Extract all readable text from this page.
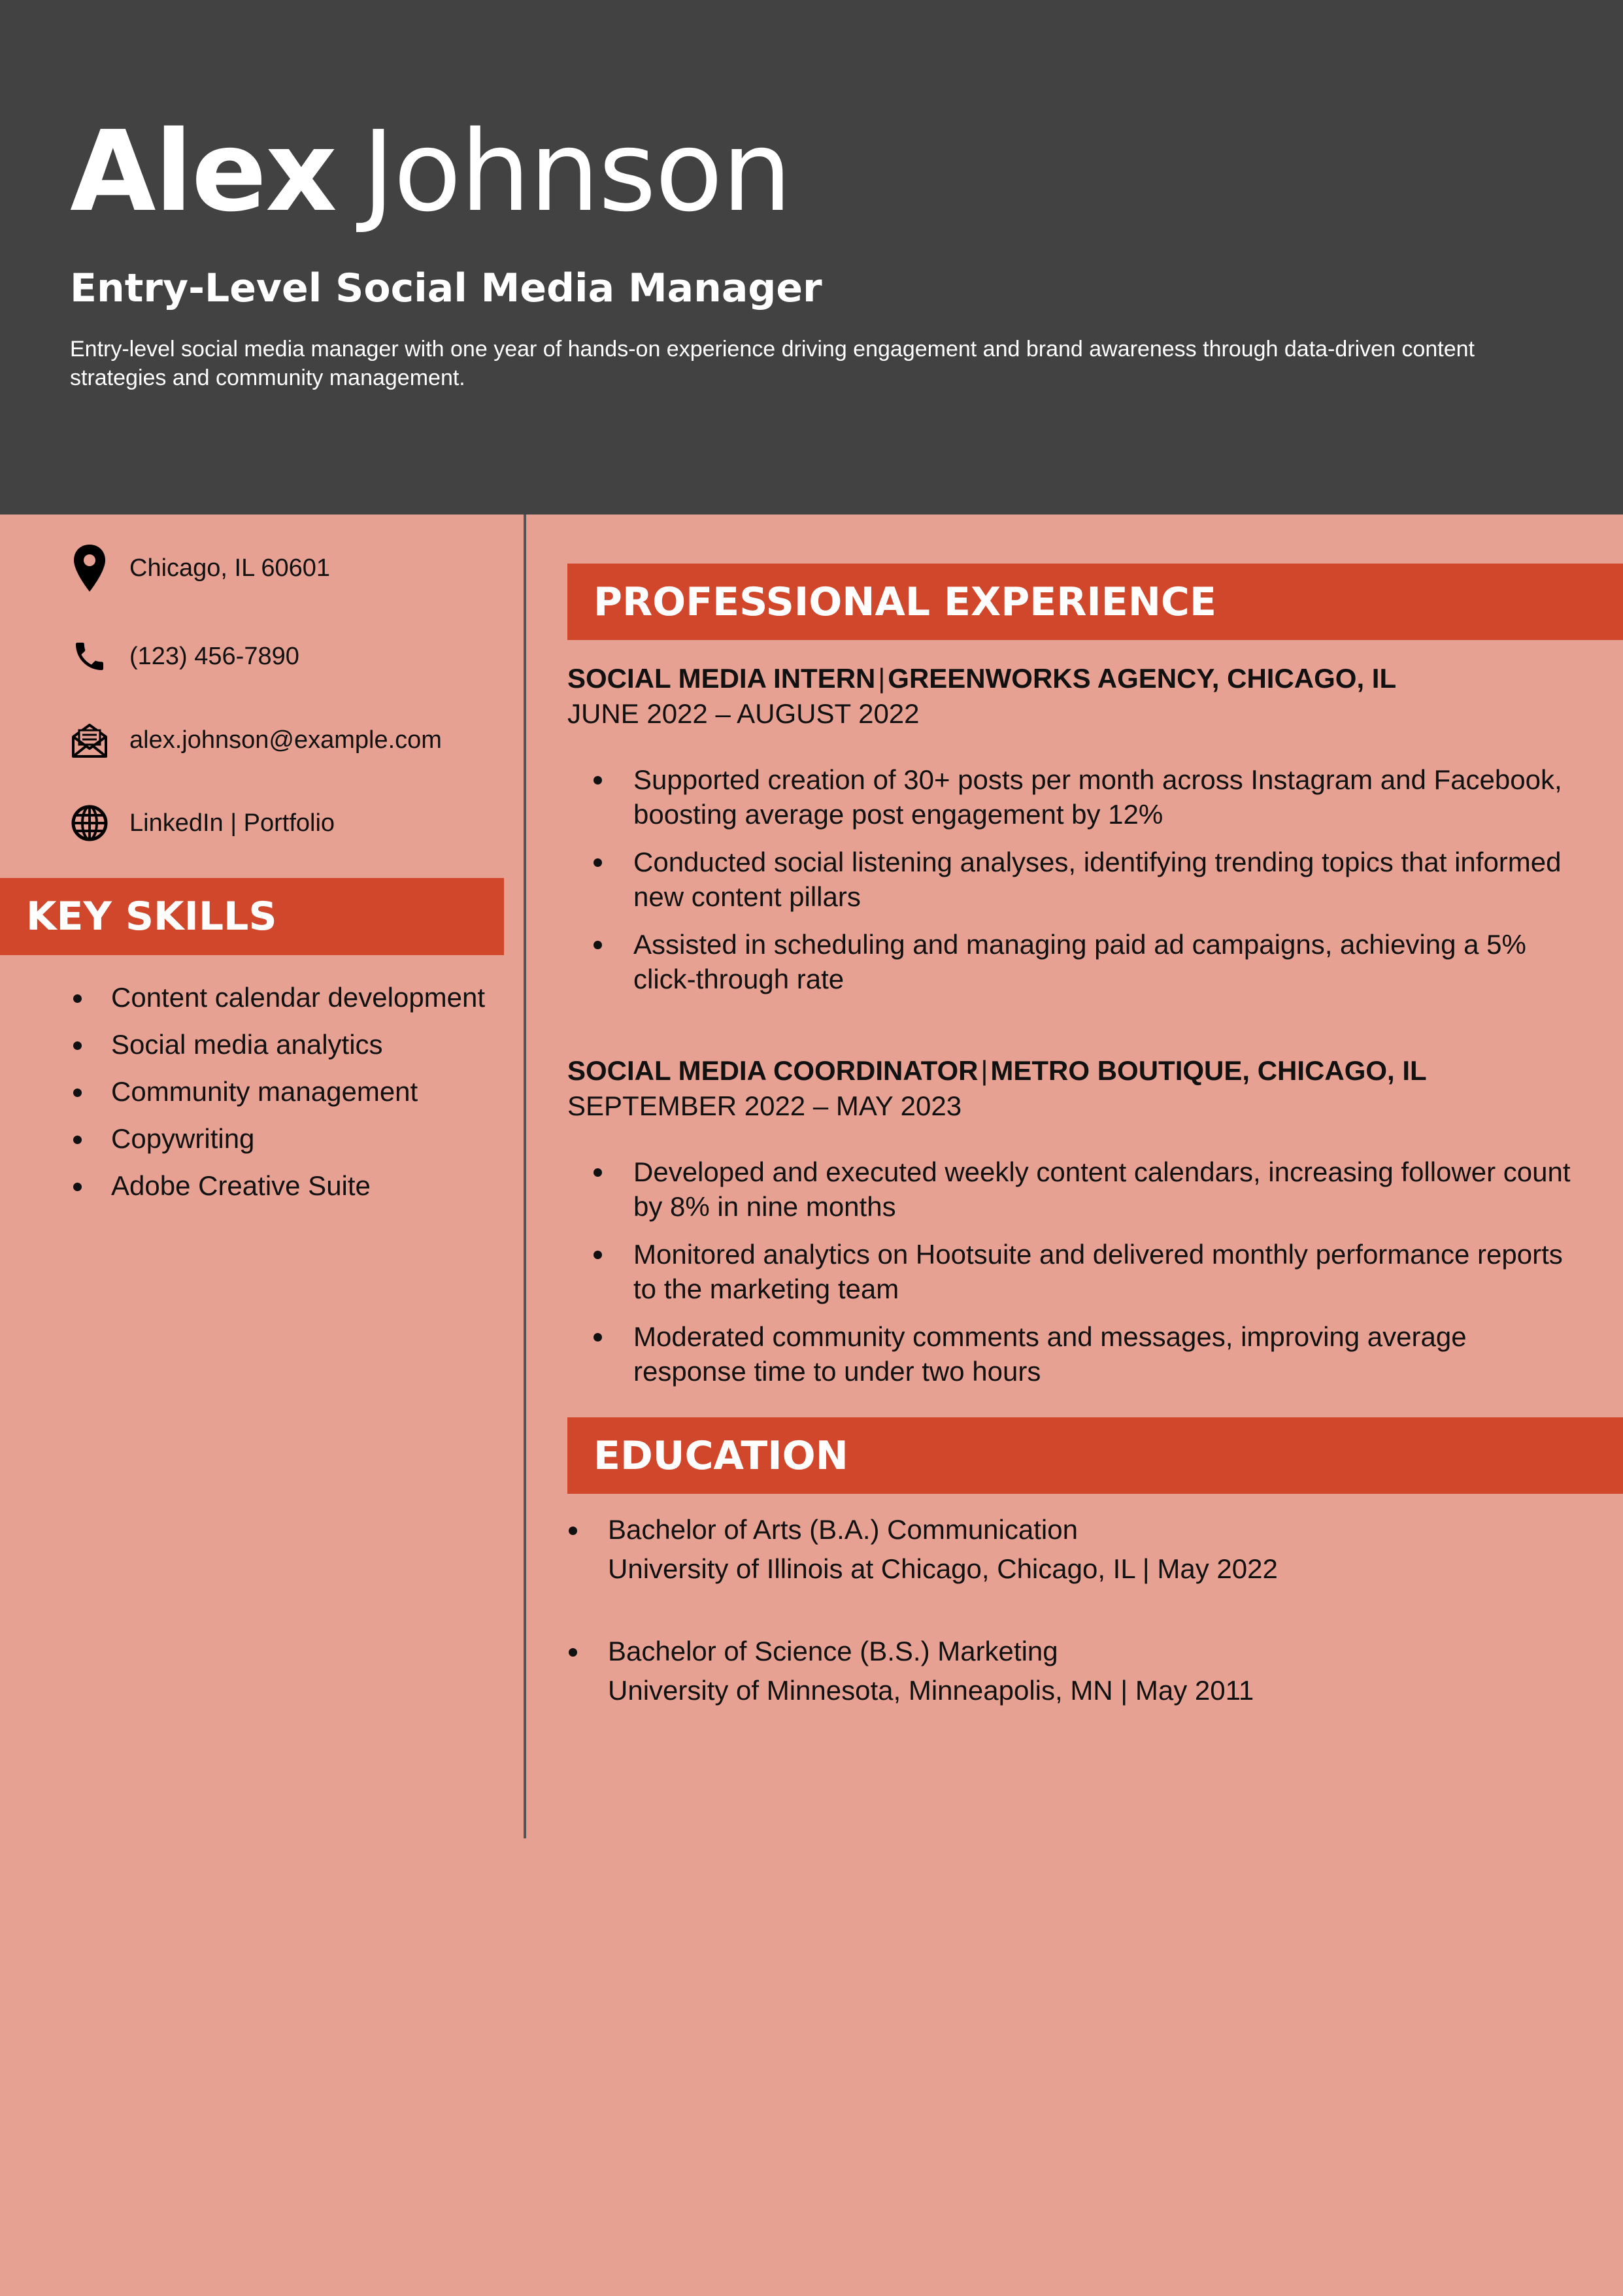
Alex Johnson
Entry-Level Social Media Manager

Entry-level social media manager with one year of hands-on experience driving engagement and brand awareness through data-driven content strategies and community management.

Chicago, IL 60601
(123) 456-7890
alex.johnson@example.com
LinkedIn | Portfolio
KEY SKILLS
Content calendar development
Social media analytics
Community management
Copywriting
Adobe Creative Suite
PROFESSIONAL EXPERIENCE
SOCIAL MEDIA INTERN|GREENWORKS AGENCY, CHICAGO, IL
JUNE 2022 – AUGUST 2022
Supported creation of 30+ posts per month across Instagram and Facebook, boosting average post engagement by 12%
Conducted social listening analyses, identifying trending topics that informed new content pillars
Assisted in scheduling and managing paid ad campaigns, achieving a 5% click-through rate
SOCIAL MEDIA COORDINATOR|METRO BOUTIQUE, CHICAGO, IL
SEPTEMBER 2022 – MAY 2023
Developed and executed weekly content calendars, increasing follower count by 8% in nine months
Monitored analytics on Hootsuite and delivered monthly performance reports to the marketing team
Moderated community comments and messages, improving average response time to under two hours
EDUCATION
Bachelor of Arts (B.A.) Communication
University of Illinois at Chicago, Chicago, IL | May 2022
Bachelor of Science (B.S.) Marketing
University of Minnesota, Minneapolis, MN | May 2011
